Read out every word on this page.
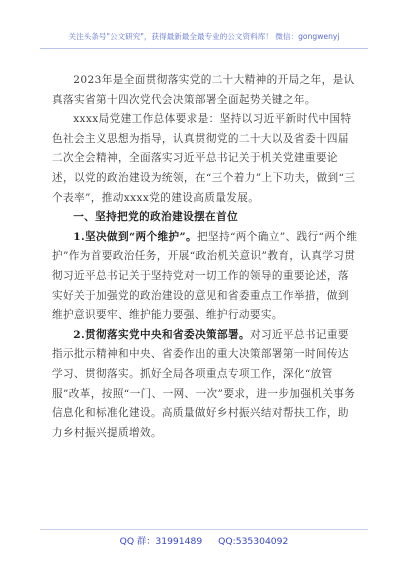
关注头条号"公文研究"，获得最新最全最专业的公文资料库！ 微信：gongwenyj

2023年是全面贯彻落实党的二十大精神的开局之年，是认真落实省第十四次党代会决策部署全面起势关键之年。

xxxx局党建工作总体要求是：坚持以习近平新时代中国特色社会主义思想为指导，认真贯彻党的二十大以及省委十四届二次全会精神，全面落实习近平总书记关于机关党建重要论述，以党的政治建设为统领，在“三个着力”上下功夫，做到“三个表率”，推动xxxx党的建设高质量发展。

一、坚持把党的政治建设摆在首位

1.坚决做到“两个维护”。把坚持“两个确立”、践行“两个维护”作为首要政治任务，开展“政治机关意识”教育，认真学习贯彻习近平总书记关于坚持党对一切工作的领导的重要论述，落实好关于加强党的政治建设的意见和省委重点工作举措，做到维护意识要牢、维护能力要强、维护行动要实。

2.贯彻落实党中央和省委决策部署。对习近平总书记重要指示批示精神和中央、省委作出的重大决策部署第一时间传达学习、贯彻落实。抓好全局各项重点专项工作，深化“放管服”改革，按照“一门、一网、一次”要求，进一步加强机关事务信息化和标准化建设。高质量做好乡村振兴结对帮扶工作，助力乡村振兴提质增效。

QQ 群：31991489 QQ:535304092
